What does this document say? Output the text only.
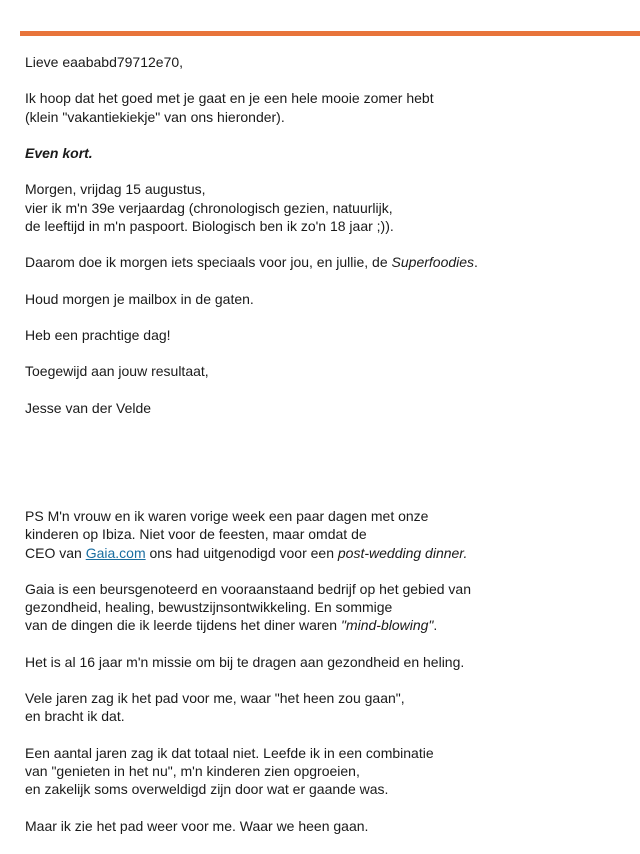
Lieve eaababd79712e70,

Ik hoop dat het goed met je gaat en je een hele mooie zomer hebt
(klein "vakantiekiekje" van ons hieronder).

Even kort.

Morgen, vrijdag 15 augustus,
vier ik m'n 39e verjaardag (chronologisch gezien, natuurlijk,
de leeftijd in m'n paspoort. Biologisch ben ik zo'n 18 jaar ;)).

Daarom doe ik morgen iets speciaals voor jou, en jullie, de Superfoodies.

Houd morgen je mailbox in de gaten.

Heb een prachtige dag!

Toegewijd aan jouw resultaat,

Jesse van der Velde

PS M'n vrouw en ik waren vorige week een paar dagen met onze
kinderen op Ibiza. Niet voor de feesten, maar omdat de
CEO van Gaia.com ons had uitgenodigd voor een post-wedding dinner.

Gaia is een beursgenoteerd en vooraanstaand bedrijf op het gebied van
gezondheid, healing, bewustzijnsontwikkeling. En sommige
van de dingen die ik leerde tijdens het diner waren "mind-blowing".

Het is al 16 jaar m'n missie om bij te dragen aan gezondheid en heling.

Vele jaren zag ik het pad voor me, waar "het heen zou gaan",
en bracht ik dat.

Een aantal jaren zag ik dat totaal niet. Leefde ik in een combinatie
van "genieten in het nu", m'n kinderen zien opgroeien,
en zakelijk soms overweldigd zijn door wat er gaande was.

Maar ik zie het pad weer voor me. Waar we heen gaan.
